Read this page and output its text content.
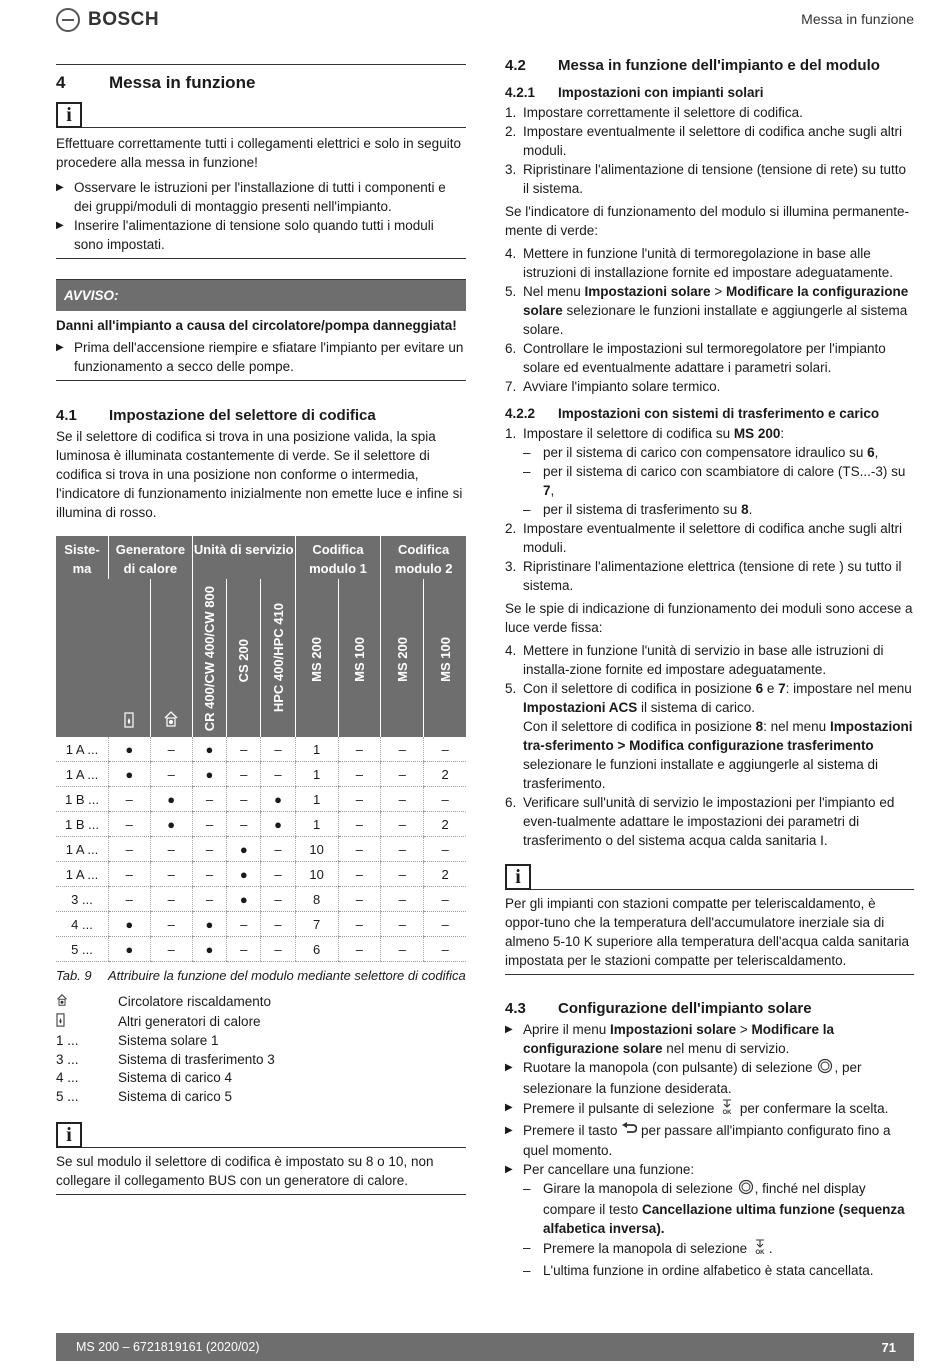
BOSCH	Messa in funzione
4	Messa in funzione
i
Effettuare correttamente tutti i collegamenti elettrici e solo in seguito procedere alla messa in funzione!
▶ Osservare le istruzioni per l'installazione di tutti i componenti e dei gruppi/moduli di montaggio presenti nell'impianto.
▶ Inserire l'alimentazione di tensione solo quando tutti i moduli sono impostati.
AVVISO:
Danni all'impianto a causa del circolatore/pompa danneggiata!
▶ Prima dell'accensione riempire e sfiatare l'impianto per evitare un funzionamento a secco delle pompe.
4.1	Impostazione del selettore di codifica
Se il selettore di codifica si trova in una posizione valida, la spia luminosa è illuminata costantemente di verde. Se il selettore di codifica si trova in una posizione non conforme o intermedia, l'indicatore di funzionamento inizialmente non emette luce e infine si illumina di rosso.
Siste-ma	Generatore di calore		Unità di servizio			Codifica modulo 1		Codifica modulo 2	
		CR 400/CW 400/CW 800	CS 200	HPC 400/HPC 410	MS 200	MS 100	MS 200	MS 100
1 A ...	●	–	●	–	–	1	–	–	–
1 A ...	●	–	●	–	–	1	–	–	2
1 B ...	–	●	–	–	●	1	–	–	–
1 B ...	–	●	–	–	●	1	–	–	2
1 A ...	–	–	–	●	–	10	–	–	–
1 A ...	–	–	–	●	–	10	–	–	2
3 ...	–	–	–	●	–	8	–	–	–
4 ...	●	–	●	–	–	7	–	–	–
5 ...	●	–	●	–	–	6	–	–	–
Tab. 9	Attribuire la funzione del modulo mediante selettore di codifica
Circolatore riscaldamento
Altri generatori di calore
1 ...	Sistema solare 1
3 ...	Sistema di trasferimento 3
4 ...	Sistema di carico 4
5 ...	Sistema di carico 5
i
Se sul modulo il selettore di codifica è impostato su 8 o 10, non collegare il collegamento BUS con un generatore di calore.
4.2	Messa in funzione dell'impianto e del modulo
4.2.1	Impostazioni con impianti solari
1. Impostare correttamente il selettore di codifica.
2. Impostare eventualmente il selettore di codifica anche sugli altri moduli.
3. Ripristinare l'alimentazione di tensione (tensione di rete) su tutto il sistema.
Se l'indicatore di funzionamento del modulo si illumina permanente-mente di verde:
4. Mettere in funzione l'unità di termoregolazione in base alle istruzioni di installazione fornite ed impostare adeguatamente.
5. Nel menu Impostazioni solare > Modificare la configurazione solare selezionare le funzioni installate e aggiungerle al sistema solare.
6. Controllare le impostazioni sul termoregolatore per l'impianto solare ed eventualmente adattare i parametri solari.
7. Avviare l'impianto solare termico.
4.2.2	Impostazioni con sistemi di trasferimento e carico
1. Impostare il selettore di codifica su MS 200:
– per il sistema di carico con compensatore idraulico su 6,
– per il sistema di carico con scambiatore di calore (TS...-3) su 7,
– per il sistema di trasferimento su 8.
2. Impostare eventualmente il selettore di codifica anche sugli altri moduli.
3. Ripristinare l'alimentazione elettrica (tensione di rete ) su tutto il sistema.
Se le spie di indicazione di funzionamento dei moduli sono accese a luce verde fissa:
4. Mettere in funzione l'unità di servizio in base alle istruzioni di installa-zione fornite ed impostare adeguatamente.
5. Con il selettore di codifica in posizione 6 e 7: impostare nel menu Impostazioni ACS il sistema di carico.
Con il selettore di codifica in posizione 8: nel menu Impostazioni tra-sferimento > Modifica configurazione trasferimento selezionare le funzioni installate e aggiungerle al sistema di trasferimento.
6. Verificare sull'unità di servizio le impostazioni per l'impianto ed even-tualmente adattare le impostazioni dei parametri di trasferimento o del sistema acqua calda sanitaria I.
i
Per gli impianti con stazioni compatte per teleriscaldamento, è oppor-tuno che la temperatura dell'accumulatore inerziale sia di almeno 5-10 K superiore alla temperatura dell'acqua calda sanitaria impostata per le stazioni compatte per teleriscaldamento.
4.3	Configurazione dell'impianto solare
▶ Aprire il menu Impostazioni solare > Modificare la configurazione solare nel menu di servizio.
▶ Ruotare la manopola (con pulsante) di selezione , per selezionare la funzione desiderata.
▶ Premere il pulsante di selezione OK per confermare la scelta.
▶ Premere il tasto  per passare all'impianto configurato fino a quel momento.
▶ Per cancellare una funzione:
– Girare la manopola di selezione , finché nel display compare il testo Cancellazione ultima funzione (sequenza alfabetica inversa).
– Premere la manopola di selezione OK .
– L'ultima funzione in ordine alfabetico è stata cancellata.
MS 200 – 6721819161 (2020/02)	71
